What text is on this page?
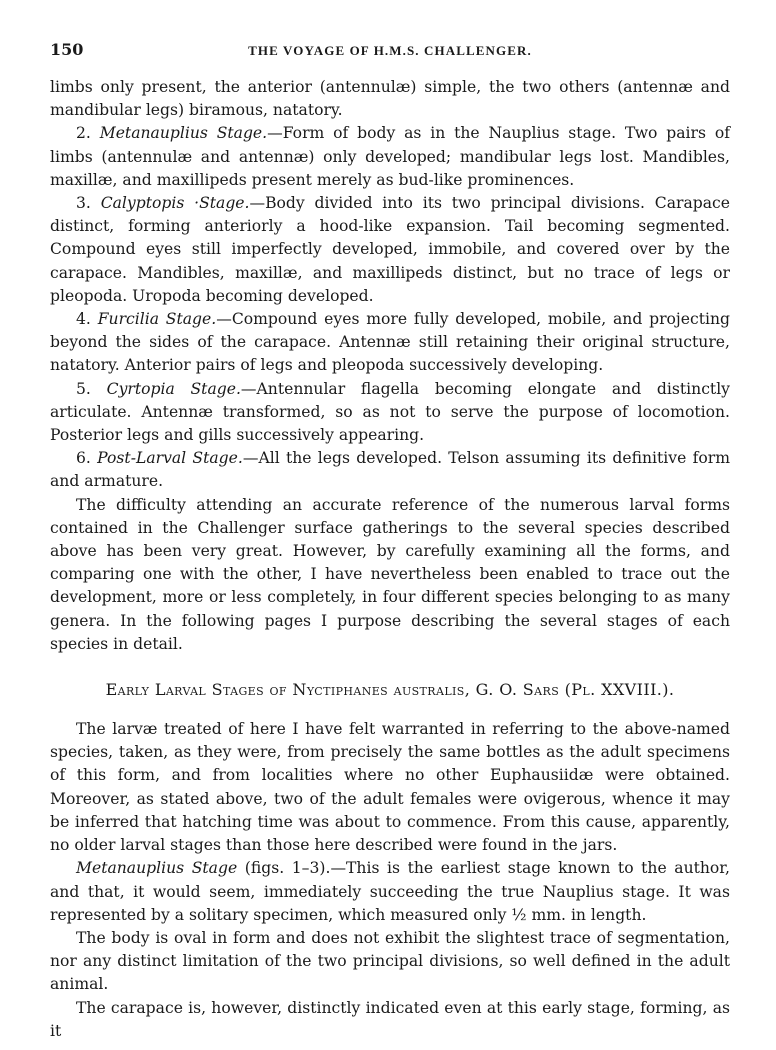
150	THE VOYAGE OF H.M.S. CHALLENGER.

limbs only present, the anterior (antennulæ) simple, the two others (antennæ and mandibular legs) biramous, natatory.

2. Metanauplius Stage.—Form of body as in the Nauplius stage. Two pairs of limbs (antennulæ and antennæ) only developed; mandibular legs lost. Mandibles, maxillæ, and maxillipeds present merely as bud-like prominences.

3. Calyptopis ·Stage.—Body divided into its two principal divisions. Carapace distinct, forming anteriorly a hood-like expansion. Tail becoming segmented. Compound eyes still imperfectly developed, immobile, and covered over by the carapace. Mandibles, maxillæ, and maxillipeds distinct, but no trace of legs or pleopoda. Uropoda becoming developed.

4. Furcilia Stage.—Compound eyes more fully developed, mobile, and projecting beyond the sides of the carapace. Antennæ still retaining their original structure, natatory. Anterior pairs of legs and pleopoda successively developing.

5. Cyrtopia Stage.—Antennular flagella becoming elongate and distinctly articulate. Antennæ transformed, so as not to serve the purpose of locomotion. Posterior legs and gills successively appearing.

6. Post-Larval Stage.—All the legs developed. Telson assuming its definitive form and armature.

The difficulty attending an accurate reference of the numerous larval forms contained in the Challenger surface gatherings to the several species described above has been very great. However, by carefully examining all the forms, and comparing one with the other, I have nevertheless been enabled to trace out the development, more or less completely, in four different species belonging to as many genera. In the following pages I purpose describing the several stages of each species in detail.

Early Larval Stages of Nyctiphanes australis, G. O. Sars (Pl. XXVIII.).

The larvæ treated of here I have felt warranted in referring to the above-named species, taken, as they were, from precisely the same bottles as the adult specimens of this form, and from localities where no other Euphausiidæ were obtained. Moreover, as stated above, two of the adult females were ovigerous, whence it may be inferred that hatching time was about to commence. From this cause, apparently, no older larval stages than those here described were found in the jars.

Metanauplius Stage (figs. 1–3).—This is the earliest stage known to the author, and that, it would seem, immediately succeeding the true Nauplius stage. It was represented by a solitary specimen, which measured only ½ mm. in length.

The body is oval in form and does not exhibit the slightest trace of segmentation, nor any distinct limitation of the two principal divisions, so well defined in the adult animal.

The carapace is, however, distinctly indicated even at this early stage, forming, as it
